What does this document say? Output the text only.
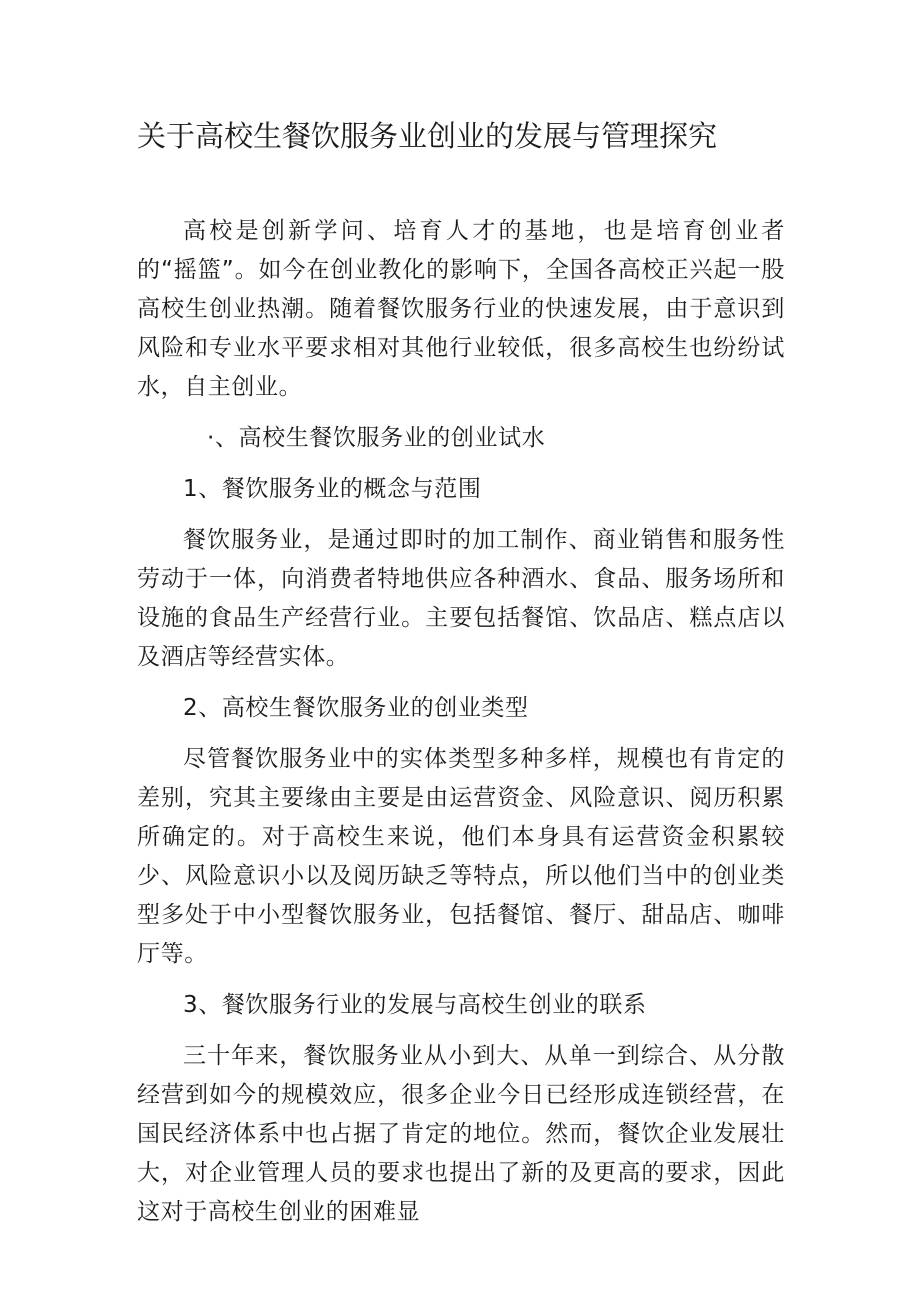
关于高校生餐饮服务业创业的发展与管理探究

高校是创新学问、培育人才的基地，也是培育创业者的“摇篮”。如今在创业教化的影响下，全国各高校正兴起一股高校生创业热潮。随着餐饮服务行业的快速发展，由于意识到风险和专业水平要求相对其他行业较低，很多高校生也纷纷试水，自主创业。

·、高校生餐饮服务业的创业试水

1、餐饮服务业的概念与范围

餐饮服务业，是通过即时的加工制作、商业销售和服务性劳动于一体，向消费者特地供应各种酒水、食品、服务场所和设施的食品生产经营行业。主要包括餐馆、饮品店、糕点店以及酒店等经营实体。

2、高校生餐饮服务业的创业类型

尽管餐饮服务业中的实体类型多种多样，规模也有肯定的差别，究其主要缘由主要是由运营资金、风险意识、阅历积累所确定的。对于高校生来说，他们本身具有运营资金积累较少、风险意识小以及阅历缺乏等特点，所以他们当中的创业类型多处于中小型餐饮服务业，包括餐馆、餐厅、甜品店、咖啡厅等。

3、餐饮服务行业的发展与高校生创业的联系

三十年来，餐饮服务业从小到大、从单一到综合、从分散经营到如今的规模效应，很多企业今日已经形成连锁经营，在国民经济体系中也占据了肯定的地位。然而，餐饮企业发展壮大，对企业管理人员的要求也提出了新的及更高的要求，因此这对于高校生创业的困难显
